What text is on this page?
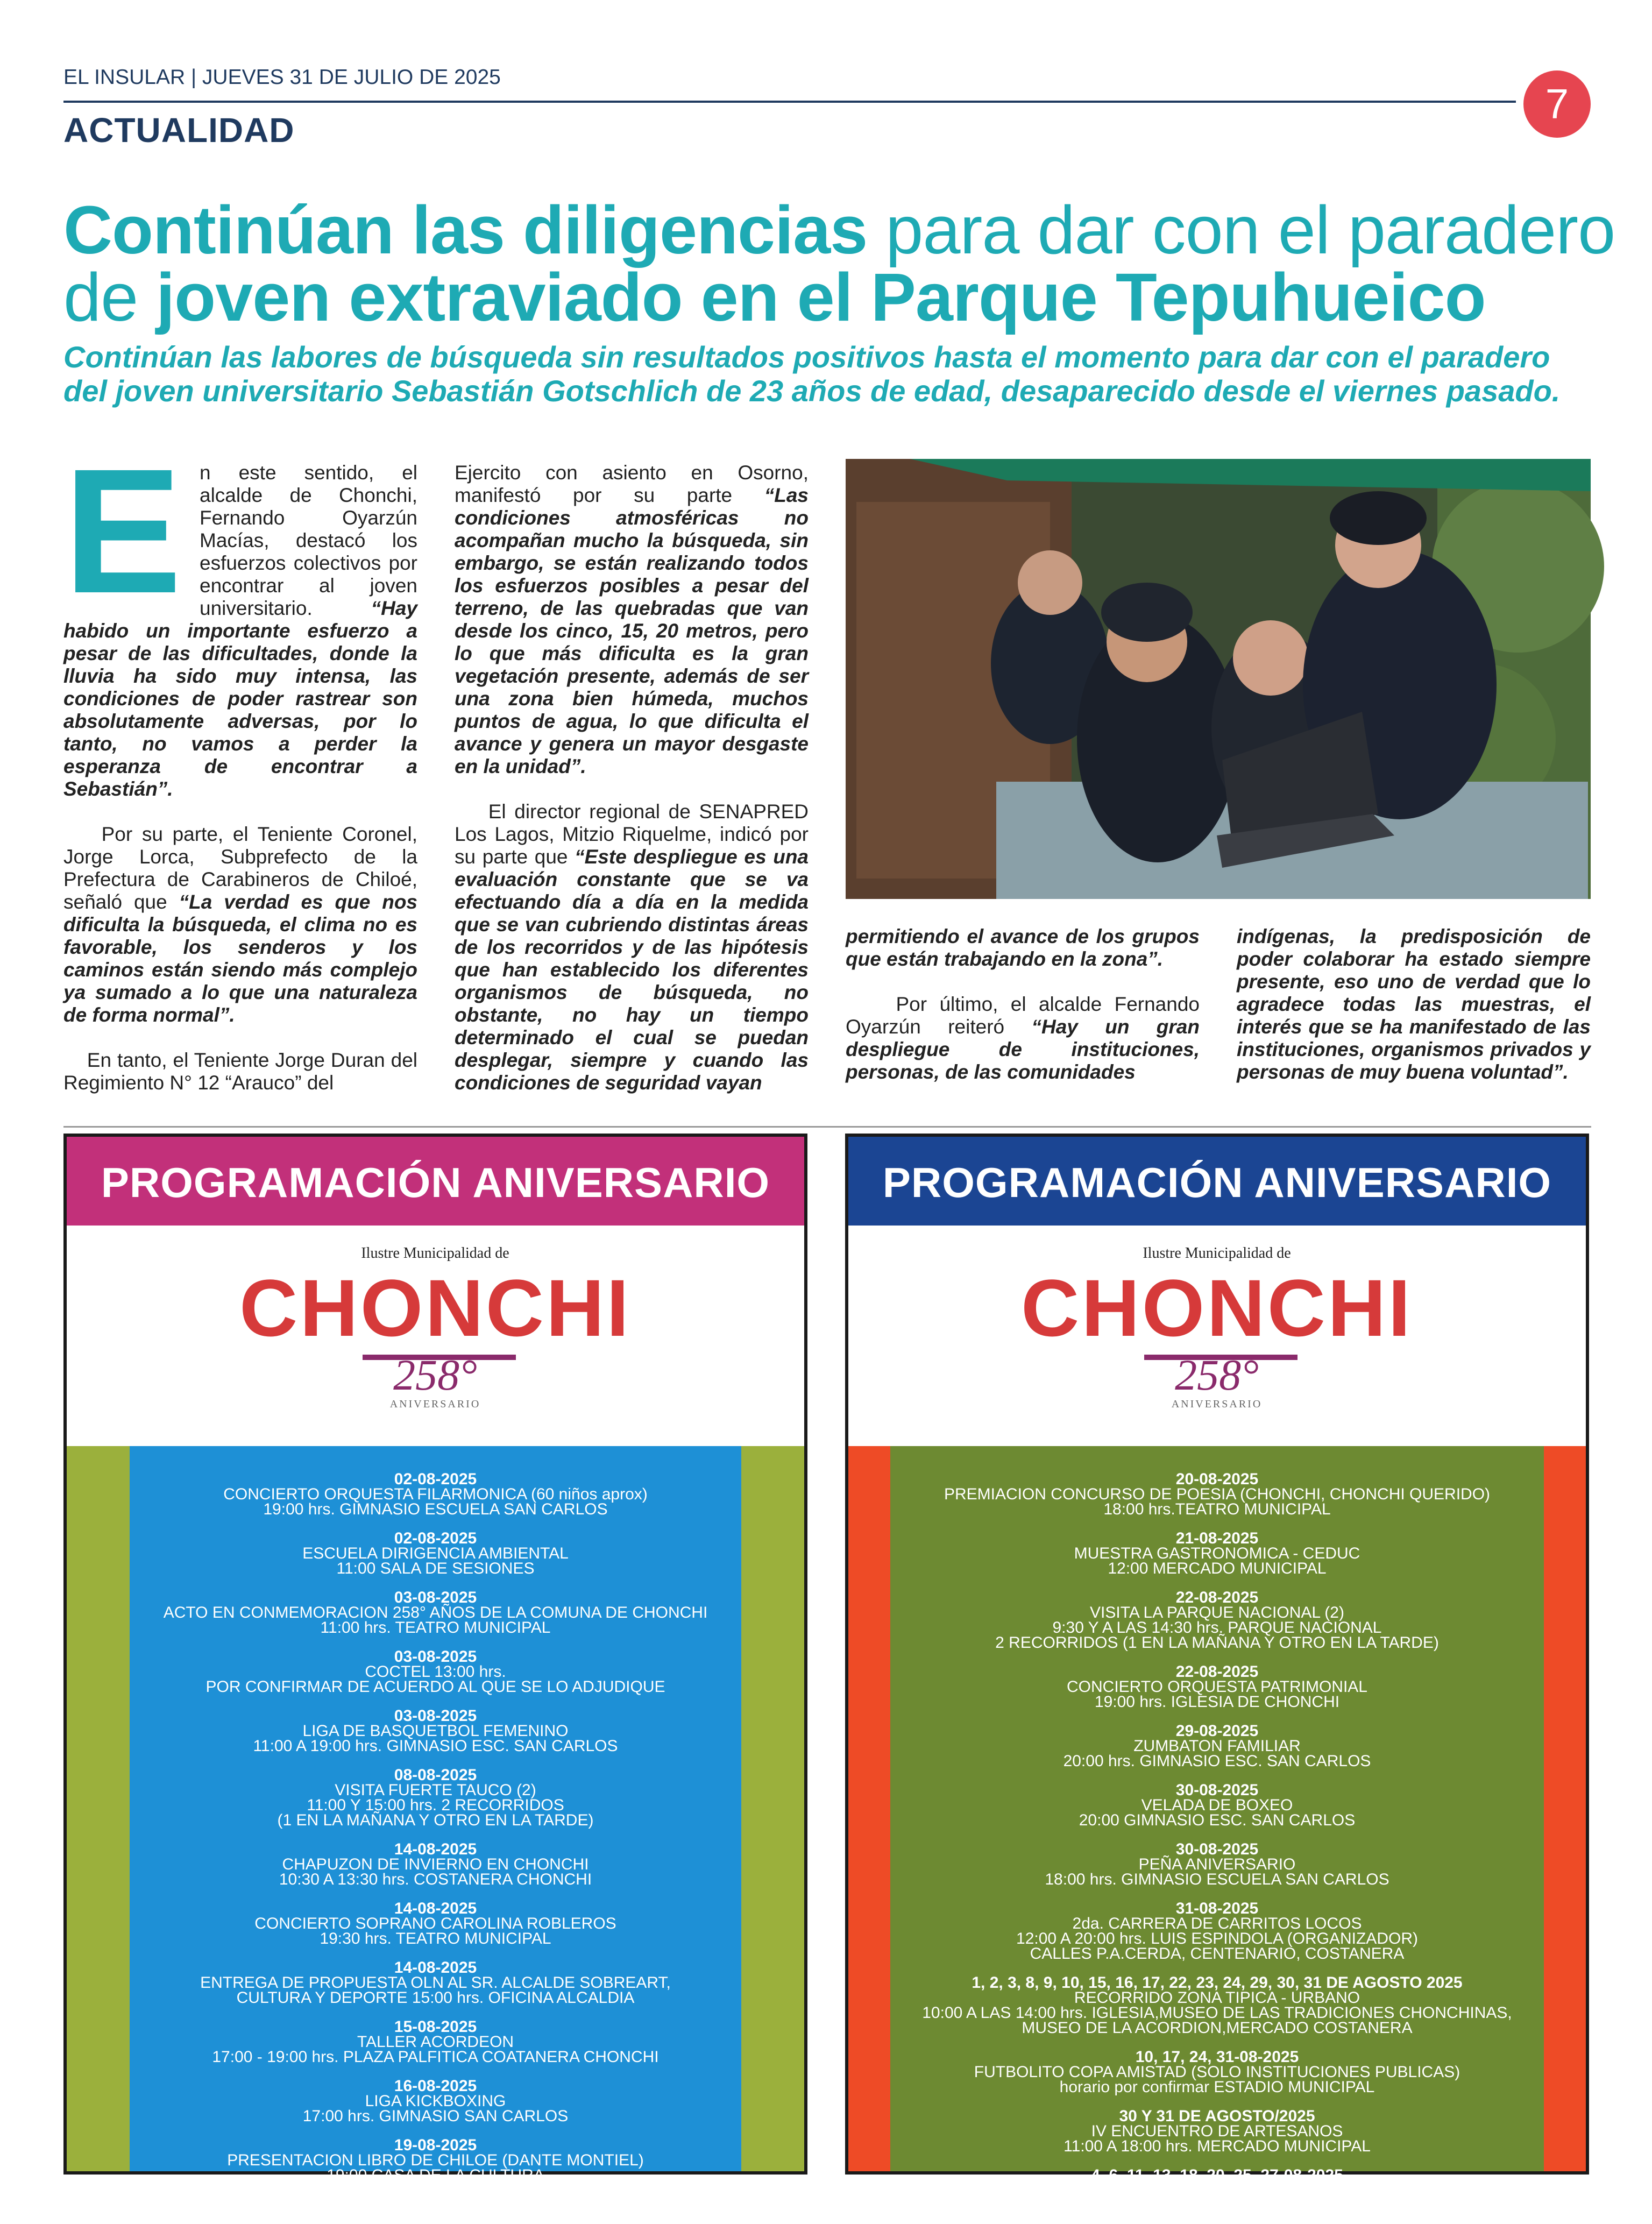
EL INSULAR | JUEVES 31 DE JULIO DE 2025
7
ACTUALIDAD
Continúan las diligencias para dar con el paradero
de joven extraviado en el Parque Tepuhueico
Continúan las labores de búsqueda sin resultados positivos hasta el momento para dar con el paradero del joven universitario Sebastián Gotschlich de 23 años de edad, desaparecido desde el viernes pasado.
E n este sentido, el alcalde de Chonchi, Fernando Oyarzún Macías, destacó los esfuerzos colectivos por encontrar al joven universitario. “Hay habido un importante esfuerzo a pesar de las dificultades, donde la lluvia ha sido muy intensa, las condiciones de poder rastrear son absolutamente adversas, por lo tanto, no vamos a perder la esperanza de encontrar a Sebastián”.

Por su parte, el Teniente Coronel, Jorge Lorca, Subprefecto de la Prefectura de Carabineros de Chiloé, señaló que “La verdad es que nos dificulta la búsqueda, el clima no es favorable, los senderos y los caminos están siendo más complejo ya sumado a lo que una naturaleza de forma normal”.

En tanto, el Teniente Jorge Duran del Regimiento N° 12 “Arauco” del

Ejercito con asiento en Osorno, manifestó por su parte “Las condiciones atmosféricas no acompañan mucho la búsqueda, sin embargo, se están realizando todos los esfuerzos posibles a pesar del terreno, de las quebradas que van desde los cinco, 15, 20 metros, pero lo que más dificulta es la gran vegetación presente, además de ser una zona bien húmeda, muchos puntos de agua, lo que dificulta el avance y genera un mayor desgaste en la unidad”.

El director regional de SENAPRED Los Lagos, Mitzio Riquelme, indicó por su parte que “Este despliegue es una evaluación constante que se va efectuando día a día en la medida que se van cubriendo distintas áreas de los recorridos y de las hipótesis que han establecido los diferentes organismos de búsqueda, no obstante, no hay un tiempo determinado el cual se puedan desplegar, siempre y cuando las condiciones de seguridad vayan

permitiendo el avance de los grupos que están trabajando en la zona”.

Por último, el alcalde Fernando Oyarzún reiteró “Hay un gran despliegue de instituciones, personas, de las comunidades

indígenas, la predisposición de poder colaborar ha estado siempre presente, eso uno de verdad que lo agradece todas las muestras, el interés que se ha manifestado de las instituciones, organismos privados y personas de muy buena voluntad”.

PROGRAMACIÓN ANIVERSARIO
Ilustre Municipalidad de
CHONCHI
258°
ANIVERSARIO
02-08-2025
CONCIERTO ORQUESTA FILARMONICA (60 niños aprox)
19:00 hrs. GIMNASIO ESCUELA SAN CARLOS
02-08-2025
ESCUELA DIRIGENCIA AMBIENTAL
11:00 SALA DE SESIONES
03-08-2025
ACTO EN CONMEMORACION 258° AÑOS DE LA COMUNA DE CHONCHI
11:00 hrs. TEATRO MUNICIPAL
03-08-2025
COCTEL 13:00 hrs.
POR CONFIRMAR DE ACUERDO AL QUE SE LO ADJUDIQUE
03-08-2025
LIGA DE BASQUETBOL FEMENINO
11:00 A 19:00 hrs. GIMNASIO ESC. SAN CARLOS
08-08-2025
VISITA FUERTE TAUCO (2)
11:00 Y 15:00 hrs. 2 RECORRIDOS
(1 EN LA MAÑANA Y OTRO EN LA TARDE)
14-08-2025
CHAPUZON DE INVIERNO EN CHONCHI
10:30 A 13:30 hrs. COSTANERA CHONCHI
14-08-2025
CONCIERTO SOPRANO CAROLINA ROBLEROS
19:30 hrs. TEATRO MUNICIPAL
14-08-2025
ENTREGA DE PROPUESTA OLN AL SR. ALCALDE SOBREART,
CULTURA Y DEPORTE 15:00 hrs. OFICINA ALCALDIA
15-08-2025
TALLER ACORDEON
17:00 - 19:00 hrs. PLAZA PALFITICA COATANERA CHONCHI
16-08-2025
LIGA KICKBOXING
17:00 hrs. GIMNASIO SAN CARLOS
19-08-2025
PRESENTACION LIBRO DE CHILOE (DANTE MONTIEL)
19:00 CASA DE LA CULTURA
PROGRAMACIÓN ANIVERSARIO
Ilustre Municipalidad de
CHONCHI
258°
ANIVERSARIO
20-08-2025
PREMIACION CONCURSO DE POESIA (CHONCHI, CHONCHI QUERIDO)
18:00 hrs.TEATRO MUNICIPAL
21-08-2025
MUESTRA GASTRONOMICA - CEDUC
12:00 MERCADO MUNICIPAL
22-08-2025
VISITA LA PARQUE NACIONAL (2)
9:30 Y A LAS 14:30 hrs. PARQUE NACIONAL
2 RECORRIDOS (1 EN LA MAÑANA Y OTRO EN LA TARDE)
22-08-2025
CONCIERTO ORQUESTA PATRIMONIAL
19:00 hrs. IGLESIA DE CHONCHI
29-08-2025
ZUMBATON FAMILIAR
20:00 hrs. GIMNASIO ESC. SAN CARLOS
30-08-2025
VELADA DE BOXEO
20:00 GIMNASIO ESC. SAN CARLOS
30-08-2025
PEÑA ANIVERSARIO
18:00 hrs. GIMNASIO ESCUELA SAN CARLOS
31-08-2025
2da. CARRERA DE CARRITOS LOCOS
12:00 A 20:00 hrs. LUIS ESPINDOLA (ORGANIZADOR)
CALLES P.A.CERDA, CENTENARIO, COSTANERA
1, 2, 3, 8, 9, 10, 15, 16, 17, 22, 23, 24, 29, 30, 31 DE AGOSTO 2025
RECORRIDO ZONA TIPICA - URBANO
10:00 A LAS 14:00 hrs. IGLESIA,MUSEO DE LAS TRADICIONES CHONCHINAS,
MUSEO DE LA ACORDION,MERCADO COSTANERA
10, 17, 24, 31-08-2025
FUTBOLITO COPA AMISTAD (SOLO INSTITUCIONES PUBLICAS)
horario por confirmar ESTADIO MUNICIPAL
30 Y 31 DE AGOSTO/2025
IV ENCUENTRO DE ARTESANOS
11:00 A 18:00 hrs. MERCADO MUNICIPAL
4, 6, 11, 13, 18, 20, 25, 27-08-2025
LUNES Y MIERCOLES TALLERES ABIETO A LOS ADULTOS MAYORES (8)
10:00 A 12:30 hrs. Y DE 14:00 A 16:30 hrs. CEDIAM
